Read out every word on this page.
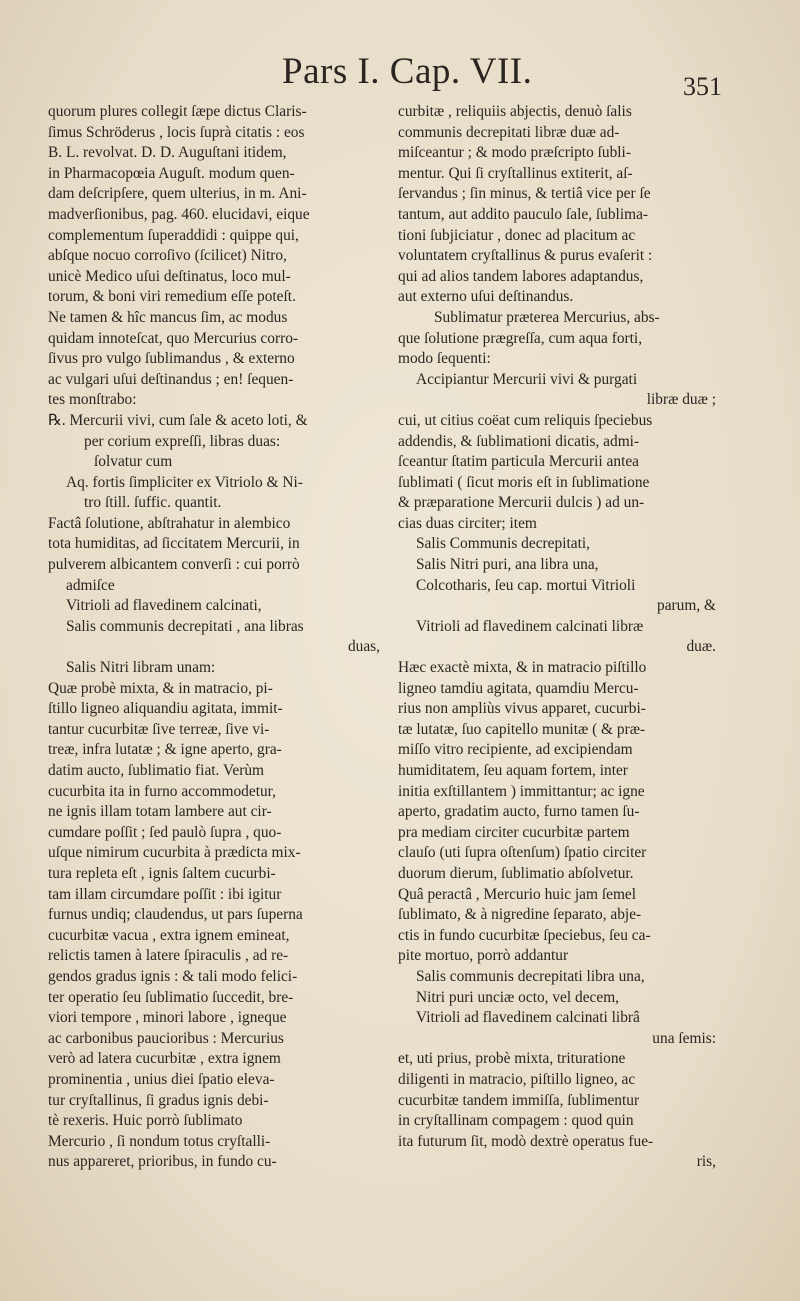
Pars I. Cap. VII.	351
quorum plures collegit ſæpe dictus Claris-
ſimus Schröderus , locis ſuprà citatis : eos
B. L. revolvat. D. D. Auguſtani itidem,
in Pharmacopœia Auguſt. modum quen-
dam deſcripſere, quem ulterius, in m. Ani-
madverſionibus, pag. 460. elucidavi, eique
complementum ſuperaddidi : quippe qui,
abſque nocuo corroſivo (ſcilicet) Nitro,
unicè Medico uſui deſtinatus, loco mul-
torum, & boni viri remedium eſſe poteſt.
Ne tamen & hîc mancus ſim, ac modus
quidam innoteſcat, quo Mercurius corro-
ſivus pro vulgo ſublimandus , & externo
ac vulgari uſui deſtinandus ; en! ſequen-
tes monſtrabo:
℞. Mercurii vivi, cum ſale & aceto loti, &
per corium expreſſi, libras duas:
ſolvatur cum
Aq. fortis ſimpliciter ex Vitriolo & Ni-
tro ſtill. ſuffic. quantit.
Factâ ſolutione, abſtrahatur in alembico
tota humiditas, ad ſiccitatem Mercurii, in
pulverem albicantem converſi : cui porrò
admiſce
Vitrioli ad flavedinem calcinati,
Salis communis decrepitati , ana libras
duas,
Salis Nitri libram unam:
Quæ probè mixta, & in matracio, pi-
ſtillo ligneo aliquandiu agitata, immit-
tantur cucurbitæ ſive terreæ, ſive vi-
treæ, infra lutatæ ; & igne aperto, gra-
datim aucto, ſublimatio fiat. Verùm
cucurbita ita in furno accommodetur,
ne ignis illam totam lambere aut cir-
cumdare poſſit ; ſed paulò ſupra , quo-
uſque nimirum cucurbita à prædicta mix-
tura repleta eſt , ignis ſaltem cucurbi-
tam illam circumdare poſſit : ibi igitur
furnus undiq; claudendus, ut pars ſuperna
cucurbitæ vacua , extra ignem emineat,
relictis tamen à latere ſpiraculis , ad re-
gendos gradus ignis : & tali modo felici-
ter operatio ſeu ſublimatio ſuccedit, bre-
viori tempore , minori labore , igneque
ac carbonibus paucioribus : Mercurius
verò ad latera cucurbitæ , extra ignem
prominentia , unius diei ſpatio eleva-
tur cryſtallinus, ſi gradus ignis debi-
tè rexeris. Huic porrò ſublimato
Mercurio , ſi nondum totus cryſtalli-
nus appareret, prioribus, in fundo cu-
curbitæ , reliquiis abjectis, denuò ſalis
communis decrepitati libræ duæ ad-
miſceantur ; & modo præſcripto ſubli-
mentur. Qui ſi cryſtallinus extiterit, aſ-
ſervandus ; ſin minus, & tertiâ vice per ſe
tantum, aut addito pauculo ſale, ſublima-
tioni ſubjiciatur , donec ad placitum ac
voluntatem cryſtallinus & purus evaſerit :
qui ad alios tandem labores adaptandus,
aut externo uſui deſtinandus.
Sublimatur præterea Mercurius, abs-
que ſolutione prægreſſa, cum aqua forti,
modo ſequenti:
Accipiantur Mercurii vivi & purgati
libræ duæ ;
cui, ut citius coëat cum reliquis ſpeciebus
addendis, & ſublimationi dicatis, admi-
ſceantur ſtatim particula Mercurii antea
ſublimati ( ſicut moris eſt in ſublimatione
& præparatione Mercurii dulcis ) ad un-
cias duas circiter; item
Salis Communis decrepitati,
Salis Nitri puri, ana libra una,
Colcotharis, ſeu cap. mortui Vitrioli
parum, &
Vitrioli ad flavedinem calcinati libræ
duæ.
Hæc exactè mixta, & in matracio piſtillo
ligneo tamdiu agitata, quamdiu Mercu-
rius non ampliùs vivus apparet, cucurbi-
tæ lutatæ, ſuo capitello munitæ ( & præ-
miſſo vitro recipiente, ad excipiendam
humiditatem, ſeu aquam fortem, inter
initia exſtillantem ) immittantur; ac igne
aperto, gradatim aucto, furno tamen ſu-
pra mediam circiter cucurbitæ partem
clauſo (uti ſupra oſtenſum) ſpatio circiter
duorum dierum, ſublimatio abſolvetur.
Quâ peractâ , Mercurio huic jam ſemel
ſublimato, & à nigredine ſeparato, abje-
ctis in fundo cucurbitæ ſpeciebus, ſeu ca-
pite mortuo, porrò addantur
Salis communis decrepitati libra una,
Nitri puri unciæ octo, vel decem,
Vitrioli ad flavedinem calcinati librâ
una ſemis:
et, uti prius, probè mixta, trituratione
diligenti in matracio, piſtillo ligneo, ac
cucurbitæ tandem immiſſa, ſublimentur
in cryſtallinam compagem : quod quin
ita futurum ſit, modò dextrè operatus fue-
ris,
